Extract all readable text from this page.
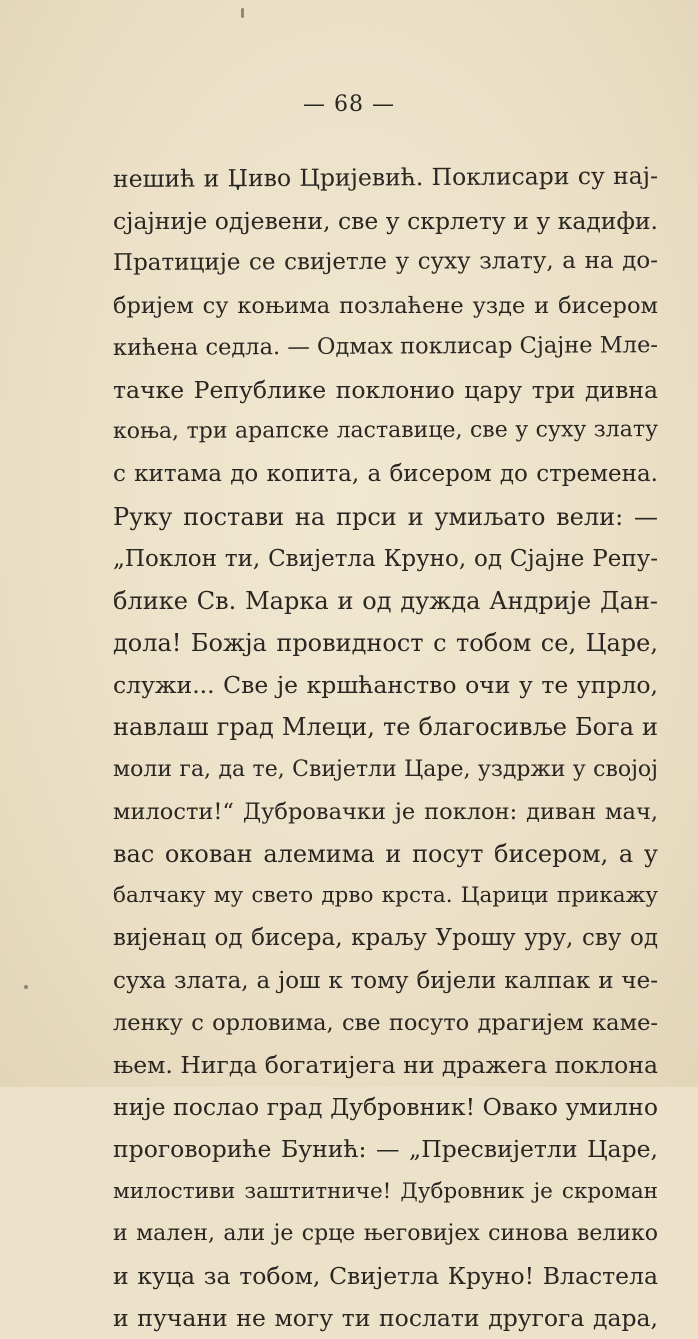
— 68 —
нешић и Џиво Цријевић. Поклисари су нај-
сјајније одјевени, све у скрлету и у кадифи.
Пратиције се свијетле у суху злату, а на до-
бријем су коњима позлаћене узде и бисером
кићена седла. — Одмах поклисар Сјајне Мле-
тачке Републике поклонио цару три дивна
коња, три арапске ластавице, све у суху злату
с китама до копита, а бисером до стремена.
Руку постави на прси и умиљато вели: —
„Поклон ти, Свијетла Круно, од Сјајне Репу-
блике Св. Марка и од дужда Андрије Дан-
дола! Божја провидност с тобом се, Царе,
служи... Све је кршћанство очи у те упрло,
навлаш град Млеци, те благосивље Бога и
моли га, да те, Свијетли Царе, уздржи у својој
милости!“ Дубровачки је поклон: диван мач,
вас окован алемима и посут бисером, а у
балчаку му свето дрво крста. Царици прикажу
вијенац од бисера, краљу Урошу уру, сву од
суха злата, а још к тому бијели калпак и че-
ленку с орловима, све посуто драгијем каме-
њем. Нигда богатијега ни дражега поклона
није послао град Дубровник! Овако умилно
проговориће Бунић: — „Пресвијетли Царе,
милостиви заштитниче! Дубровник је скроман
и мален, али је срце његовијех синова велико
и куца за тобом, Свијетла Круно! Властела
и пучани не могу ти послати другога дара,
